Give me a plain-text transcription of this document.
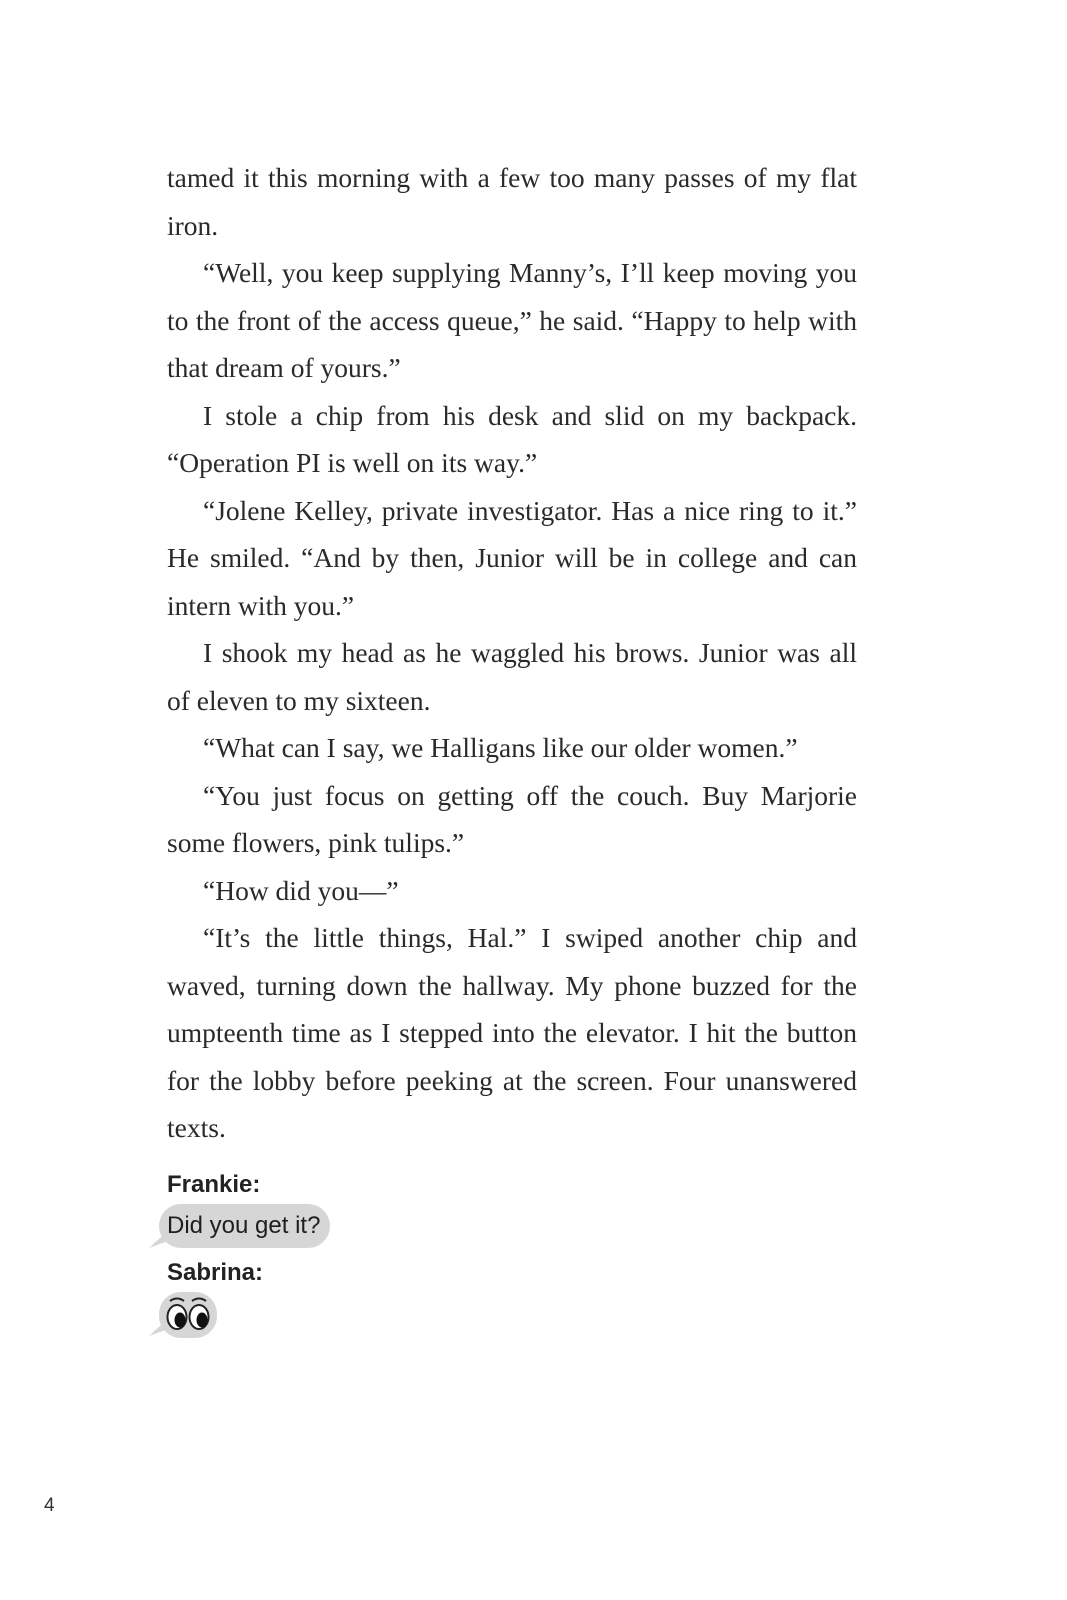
tamed it this morning with a few too many passes of my flat iron.

“Well, you keep supplying Manny’s, I’ll keep moving you to the front of the access queue,” he said. “Happy to help with that dream of yours.”

I stole a chip from his desk and slid on my backpack. “Operation PI is well on its way.”

“Jolene Kelley, private investigator. Has a nice ring to it.” He smiled. “And by then, Junior will be in college and can intern with you.”

I shook my head as he waggled his brows. Junior was all of eleven to my sixteen.

“What can I say, we Halligans like our older women.”

“You just focus on getting off the couch. Buy Marjorie some flowers, pink tulips.”

“How did you—”

“It’s the little things, Hal.” I swiped another chip and waved, turning down the hallway. My phone buzzed for the umpteenth time as I stepped into the elevator. I hit the button for the lobby before peeking at the screen. Four unanswered texts.

Frankie:
Did you get it?
Sabrina:
4
